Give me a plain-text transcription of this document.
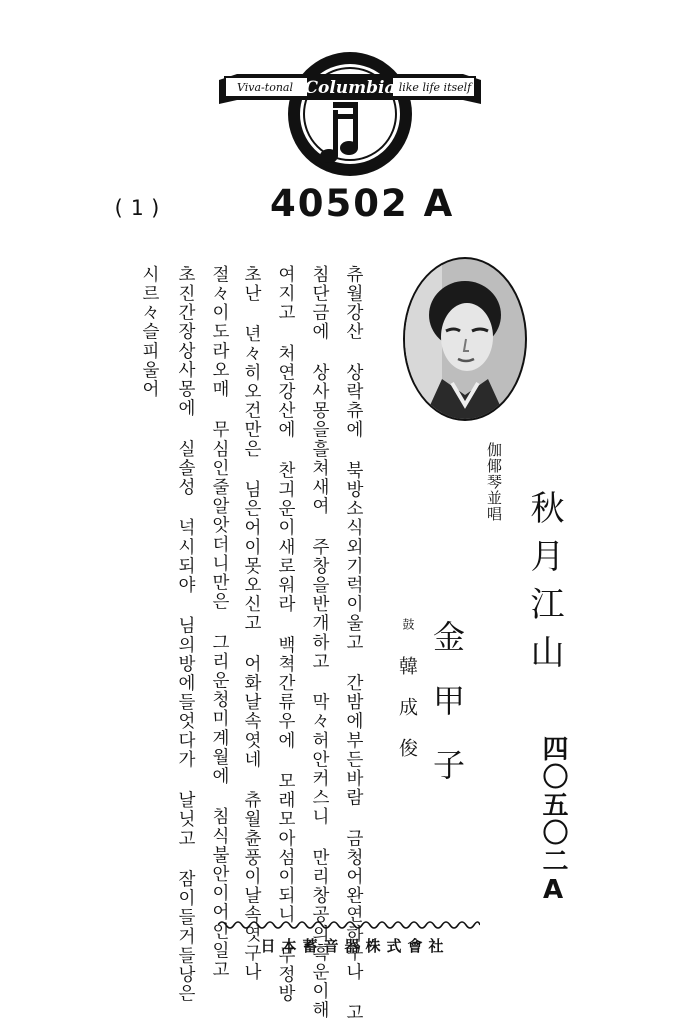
Columbia
Viva-tonal	like life itself
(1)	40502 A
츄월강산 상락츄에 북방소식외기럭이울고 간밤에부든바람 금청어완연하구나 고
침단금에 상사몽을흘쳐새여 주창을반개하고 막々허안커스니 만리창공의흑운이해
여지고 처연강산에 찬긔운이새로워라 백쳑간류우에 모래모아섬이되니 무정방
초난 년々히오건만은 님은어이못오신고 어화날속엿네 츄월츈풍이날속엿구나
절々이도라오매 무심인줄알앗더니만은 그리운청미계월에 침식불안이어인일고
초진간장상사몽에 실솔성 넉시되야 님의방에들엇다가 날닛고 잠이들거들낭은
시르々슬피울어
伽倻琴並唱
秋月江山
金甲子
鼓
韓成俊
四〇五〇二A
日本蓄音器株式會社
